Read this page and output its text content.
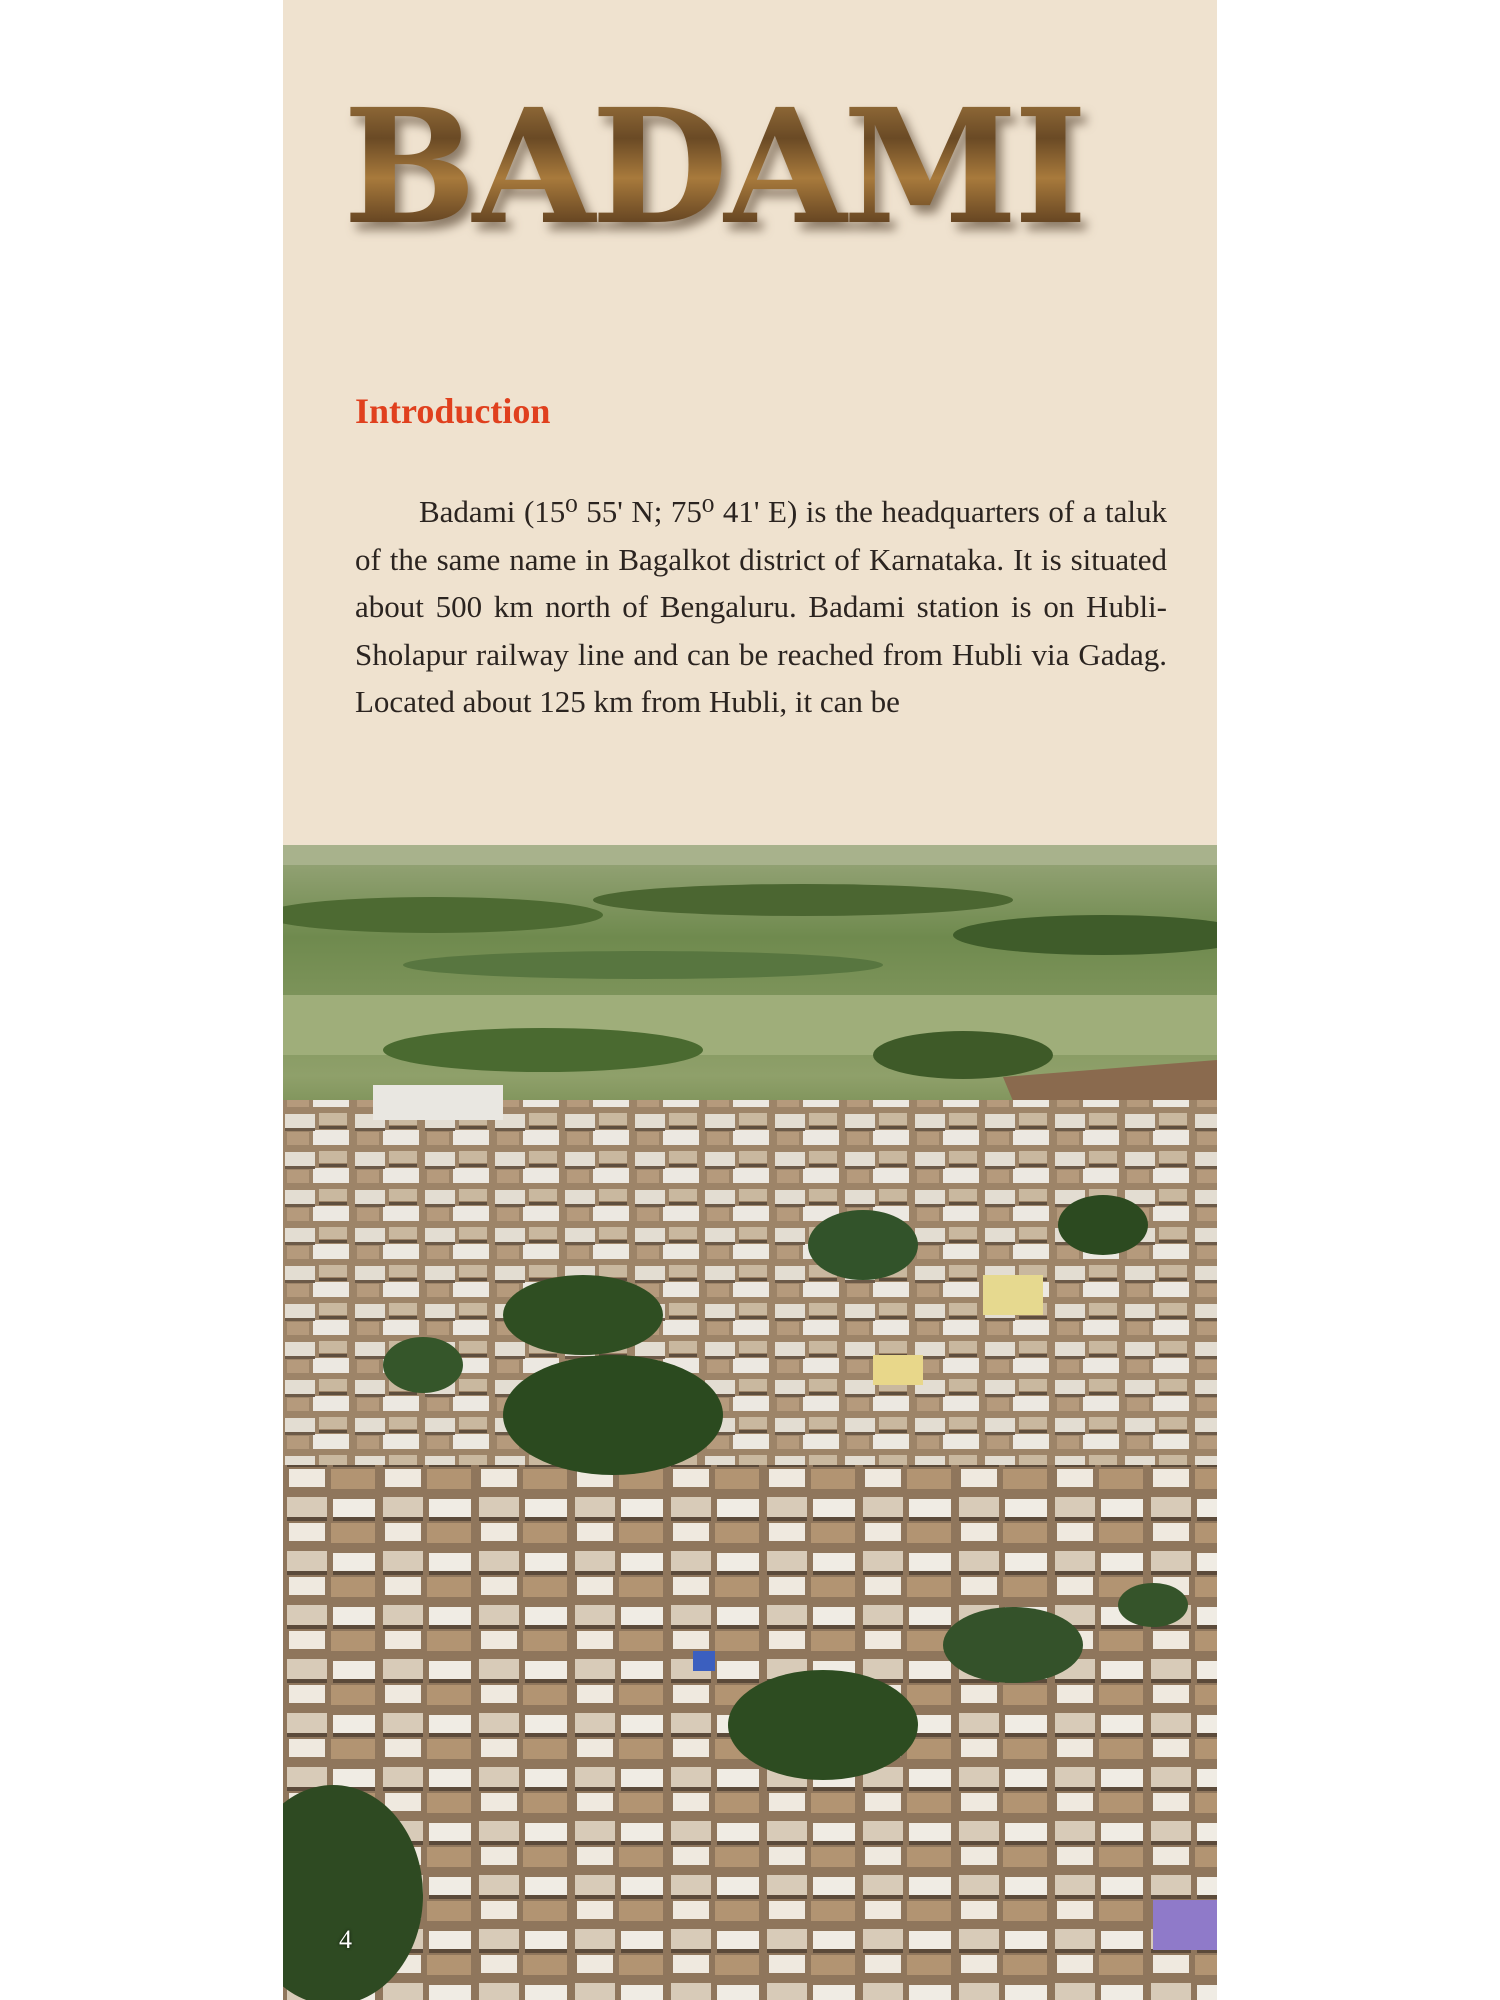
BADAMI
Introduction

Badami (15⁰ 55' N; 75⁰ 41' E) is the headquarters of a taluk of the same name in Bagalkot district of Karnataka. It is situated about 500 km north of Bengaluru. Badami station is on Hubli-Sholapur railway line and can be reached from Hubli via Gadag. Located about 125 km from Hubli, it can be

4
